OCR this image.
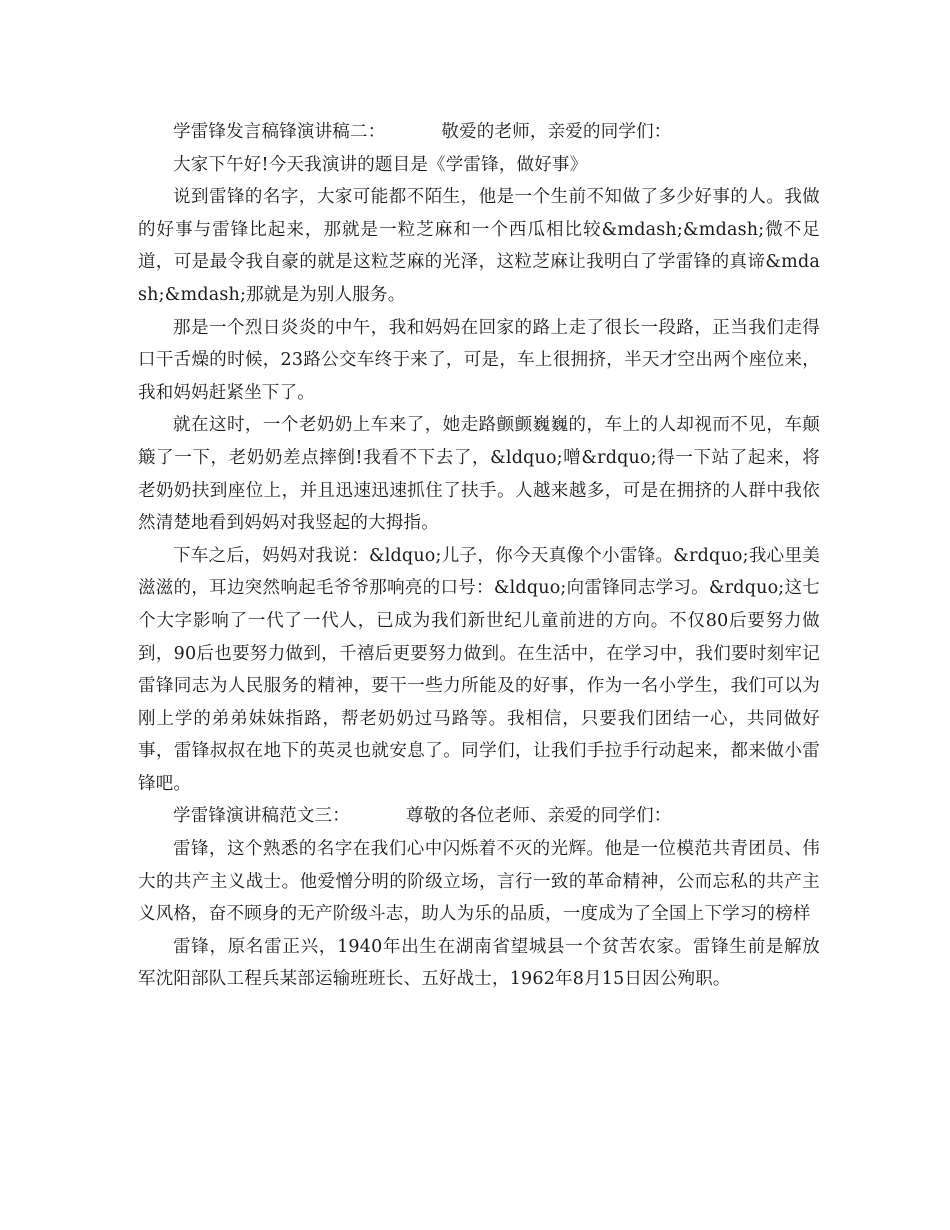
学雷锋发言稿锋演讲稿二：	敬爱的老师，亲爱的同学们：

大家下午好!今天我演讲的题目是《学雷锋，做好事》

说到雷锋的名字，大家可能都不陌生，他是一个生前不知做了多少好事的人。我做的好事与雷锋比起来，那就是一粒芝麻和一个西瓜相比较&mdash;&mdash;微不足道，可是最令我自豪的就是这粒芝麻的光泽，这粒芝麻让我明白了学雷锋的真谛&mdash;&mdash;那就是为别人服务。

那是一个烈日炎炎的中午，我和妈妈在回家的路上走了很长一段路，正当我们走得口干舌燥的时候，23路公交车终于来了，可是，车上很拥挤，半天才空出两个座位来，我和妈妈赶紧坐下了。

就在这时，一个老奶奶上车来了，她走路颤颤巍巍的，车上的人却视而不见，车颠簸了一下，老奶奶差点摔倒!我看不下去了，&ldquo;噌&rdquo;得一下站了起来，将老奶奶扶到座位上，并且迅速迅速抓住了扶手。人越来越多，可是在拥挤的人群中我依然清楚地看到妈妈对我竖起的大拇指。

下车之后，妈妈对我说：&ldquo;儿子，你今天真像个小雷锋。&rdquo;我心里美滋滋的，耳边突然响起毛爷爷那响亮的口号：&ldquo;向雷锋同志学习。&rdquo;这七个大字影响了一代了一代人，已成为我们新世纪儿童前进的方向。不仅80后要努力做到，90后也要努力做到，千禧后更要努力做到。在生活中，在学习中，我们要时刻牢记雷锋同志为人民服务的精神，要干一些力所能及的好事，作为一名小学生，我们可以为刚上学的弟弟妹妹指路，帮老奶奶过马路等。我相信，只要我们团结一心，共同做好事，雷锋叔叔在地下的英灵也就安息了。同学们，让我们手拉手行动起来，都来做小雷锋吧。

学雷锋演讲稿范文三：	尊敬的各位老师、亲爱的同学们：

雷锋，这个熟悉的名字在我们心中闪烁着不灭的光辉。他是一位模范共青团员、伟大的共产主义战士。他爱憎分明的阶级立场，言行一致的革命精神，公而忘私的共产主义风格，奋不顾身的无产阶级斗志，助人为乐的品质，一度成为了全国上下学习的榜样

雷锋，原名雷正兴，1940年出生在湖南省望城县一个贫苦农家。雷锋生前是解放军沈阳部队工程兵某部运输班班长、五好战士，1962年8月15日因公殉职。
